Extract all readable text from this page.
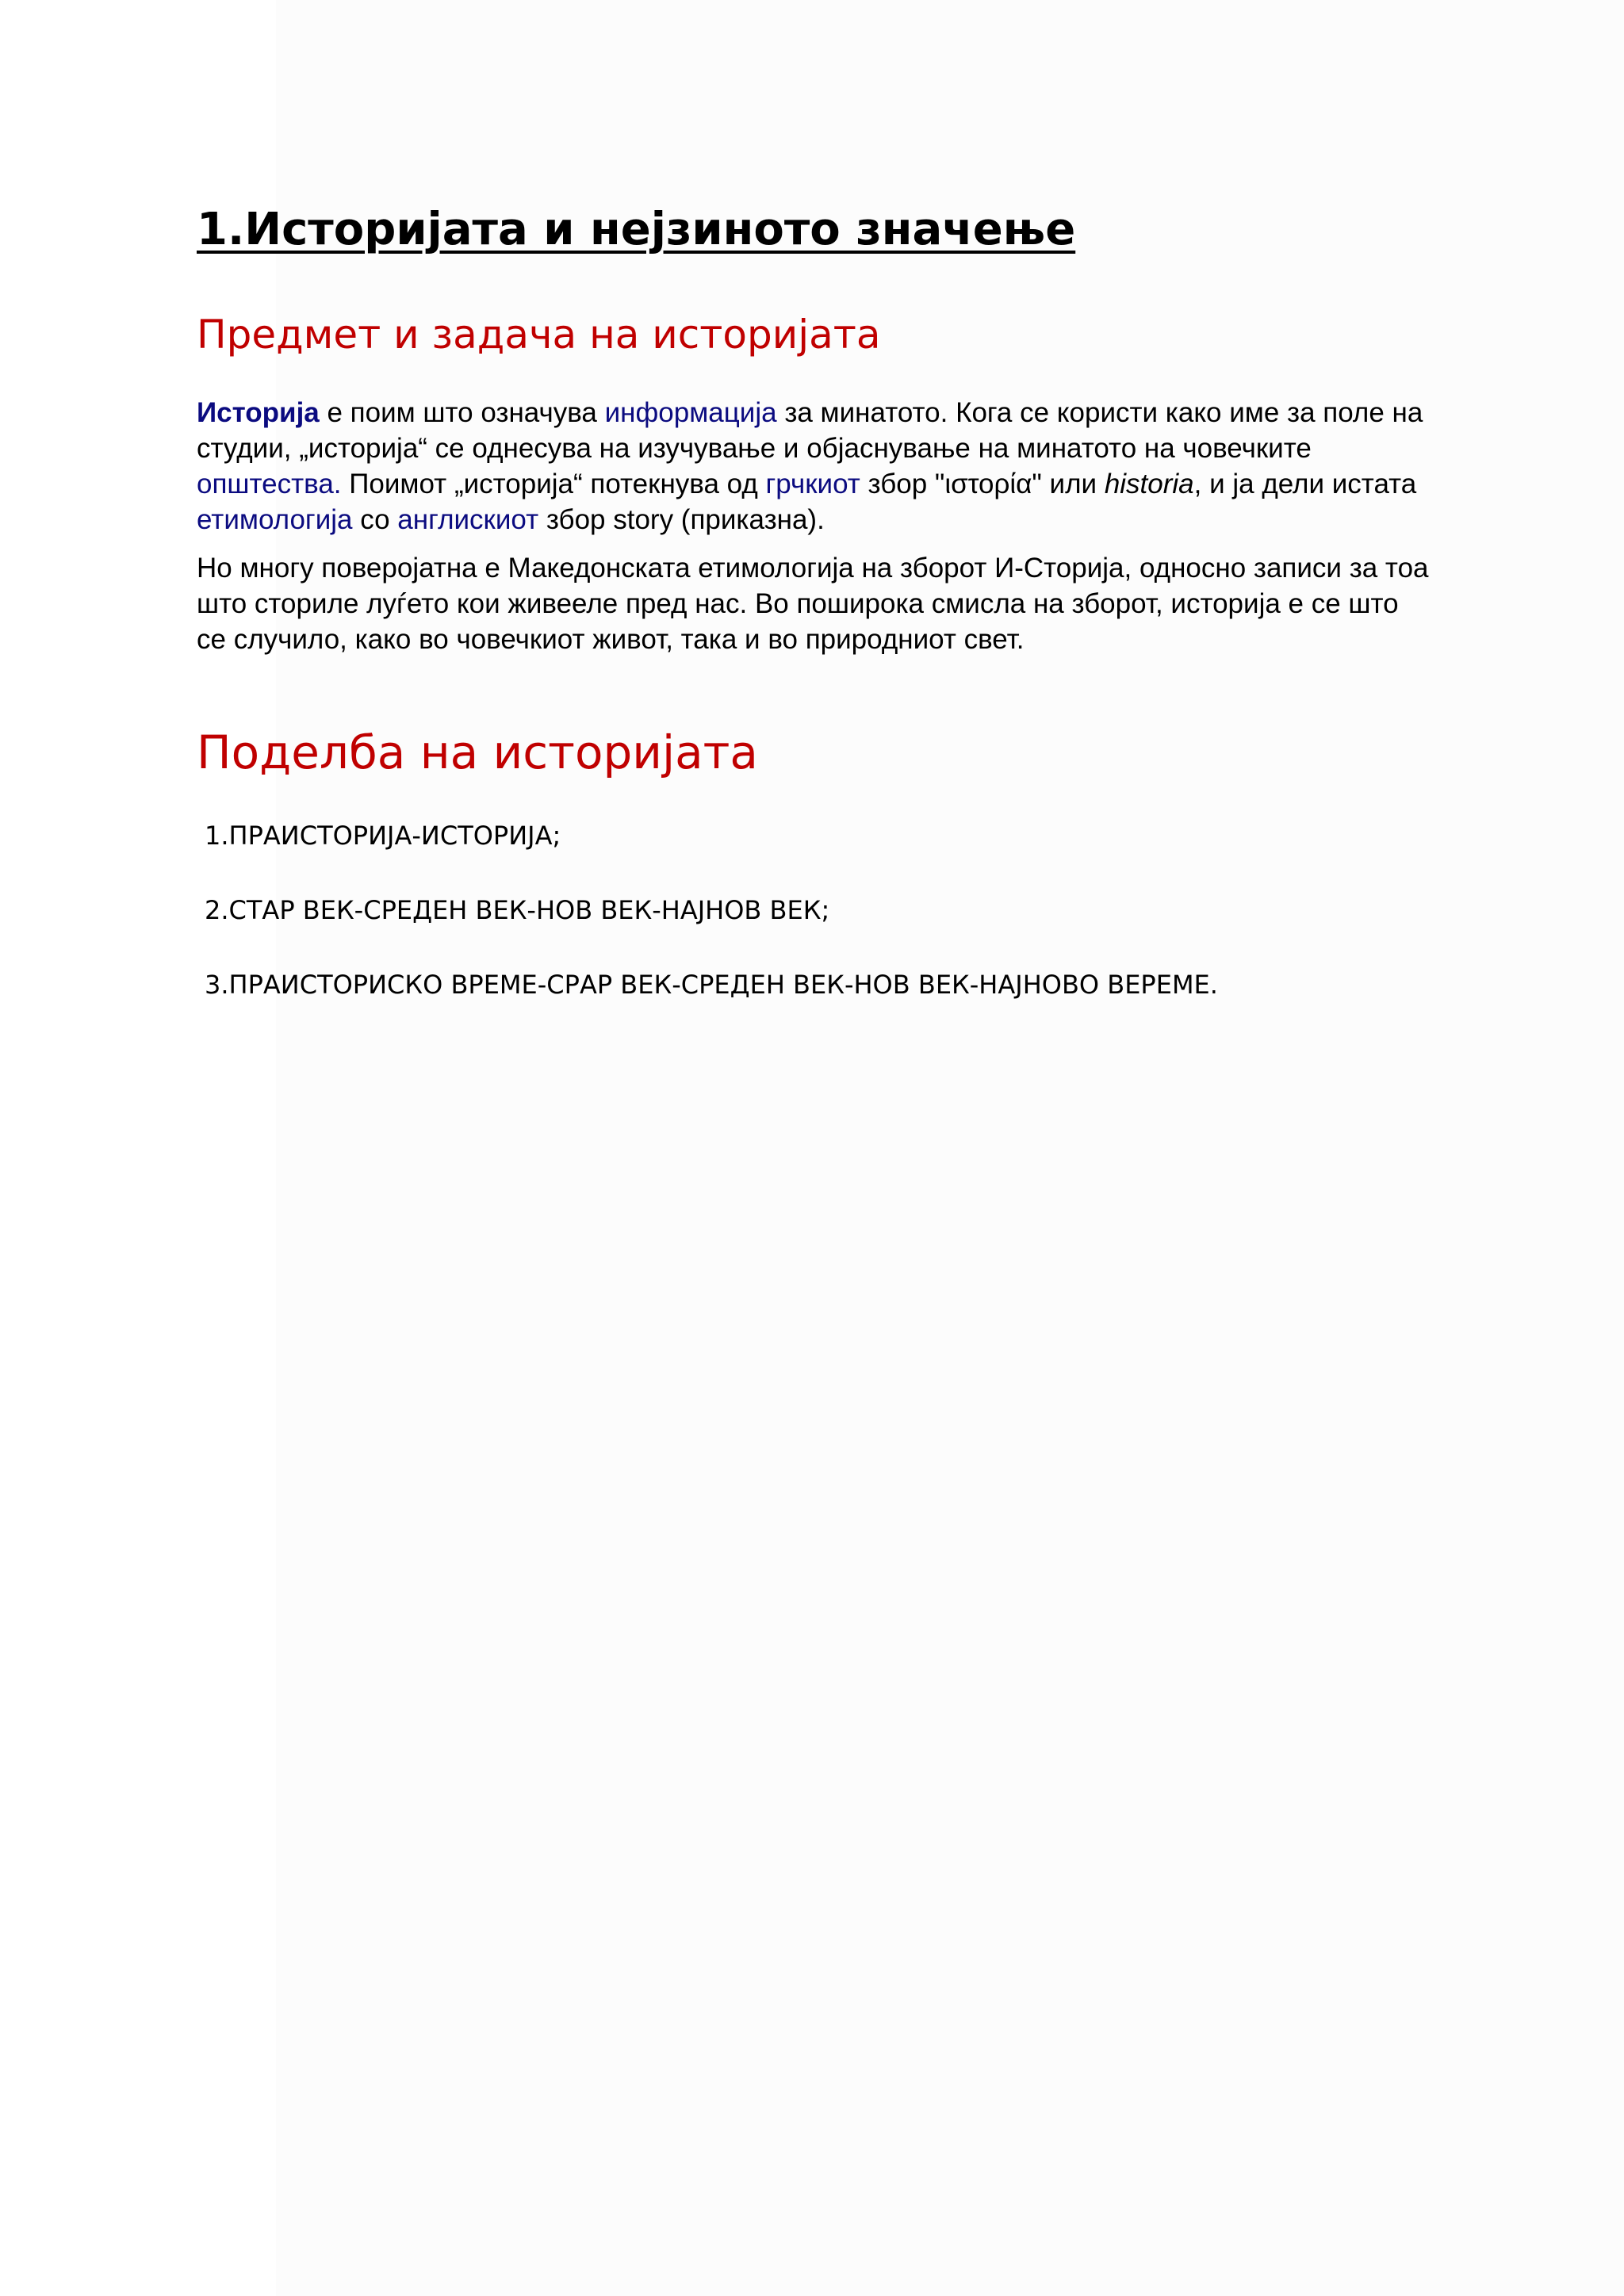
1.Историјата и нејзиното значење
Предмет и задача на историјата

Историја е поим што означува информација за минатото. Кога се користи како име за поле на студии, „историја“ се однесува на изучување и објаснување на минатото на човечките општества. Поимот „историја“ потекнува од грчкиот збор "ιστορία" или historia, и ја дели истата етимологија со англискиот збор story (приказна).

Но многу поверојатна е Македонската етимологија на зборот И-Сторија, односно записи за тоа што сториле луѓето кои живееле пред нас. Во поширока смисла на зборот, историја е се што се случило, како во човечкиот живот, така и во природниот свет.

Поделба на историјата
1.ПРАИСТОРИЈА-ИСТОРИЈА;
2.СТАР ВЕК-СРЕДЕН ВЕК-НОВ ВЕК-НАЈНОВ ВЕК;
3.ПРАИСТОРИСКО ВРЕМЕ-СРАР ВЕК-СРЕДЕН ВЕК-НОВ ВЕК-НАЈНОВО ВЕРЕМЕ.
